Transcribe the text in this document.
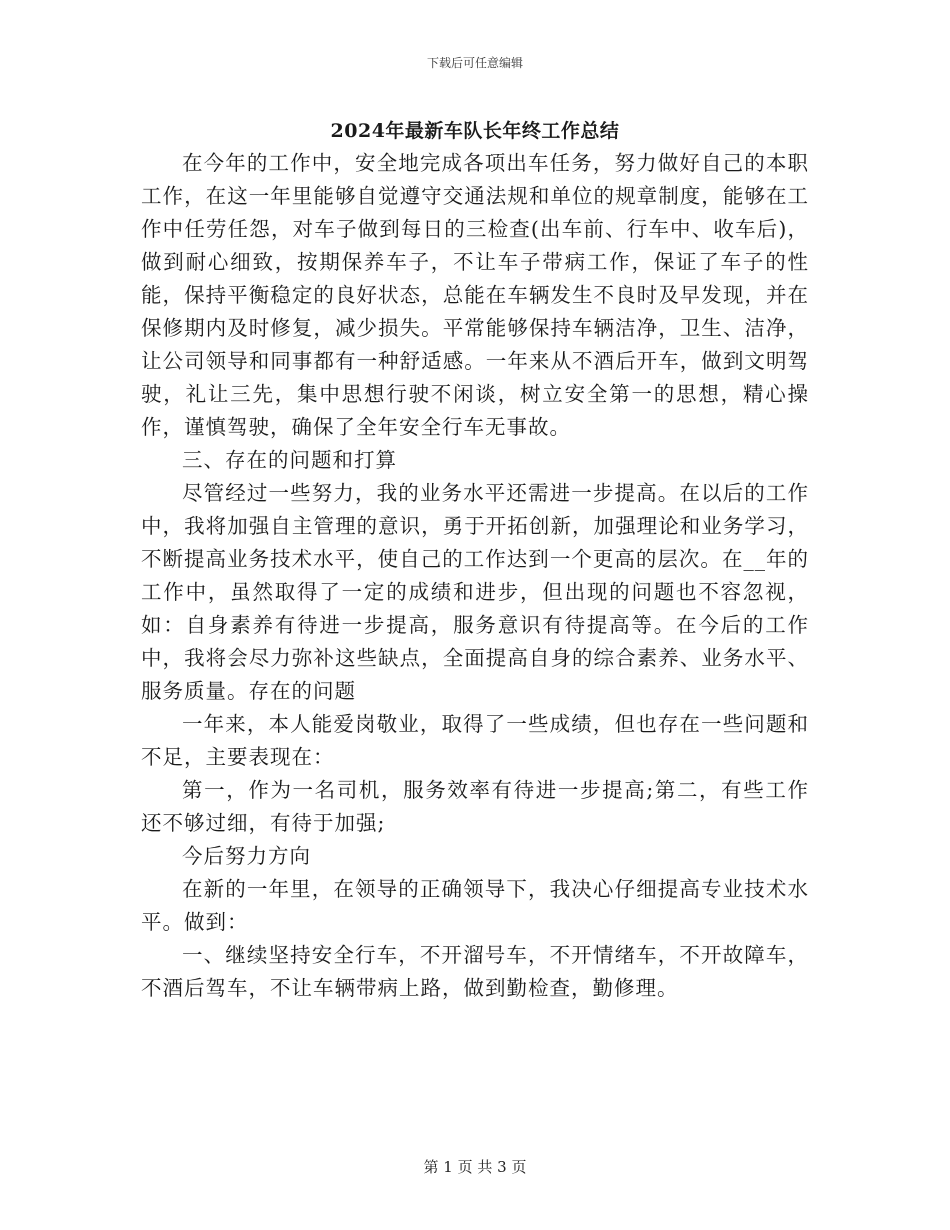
下载后可任意编辑
2024年最新车队长年终工作总结

在今年的工作中，安全地完成各项出车任务，努力做好自己的本职工作，在这一年里能够自觉遵守交通法规和单位的规章制度，能够在工作中任劳任怨，对车子做到每日的三检查(出车前、行车中、收车后)，做到耐心细致，按期保养车子，不让车子带病工作，保证了车子的性能，保持平衡稳定的良好状态，总能在车辆发生不良时及早发现，并在保修期内及时修复，减少损失。平常能够保持车辆洁净，卫生、洁净，让公司领导和同事都有一种舒适感。一年来从不酒后开车，做到文明驾驶，礼让三先，集中思想行驶不闲谈，树立安全第一的思想，精心操作，谨慎驾驶，确保了全年安全行车无事故。

三、存在的问题和打算

尽管经过一些努力，我的业务水平还需进一步提高。在以后的工作中，我将加强自主管理的意识，勇于开拓创新，加强理论和业务学习，不断提高业务技术水平，使自己的工作达到一个更高的层次。在__年的工作中，虽然取得了一定的成绩和进步，但出现的问题也不容忽视，如：自身素养有待进一步提高，服务意识有待提高等。在今后的工作中，我将会尽力弥补这些缺点，全面提高自身的综合素养、业务水平、服务质量。存在的问题

一年来，本人能爱岗敬业，取得了一些成绩，但也存在一些问题和不足，主要表现在：

第一，作为一名司机，服务效率有待进一步提高;第二，有些工作还不够过细，有待于加强;

今后努力方向

在新的一年里，在领导的正确领导下，我决心仔细提高专业技术水平。做到：

一、继续坚持安全行车，不开溜号车，不开情绪车，不开故障车，不酒后驾车，不让车辆带病上路，做到勤检查，勤修理。

第 1 页 共 3 页
